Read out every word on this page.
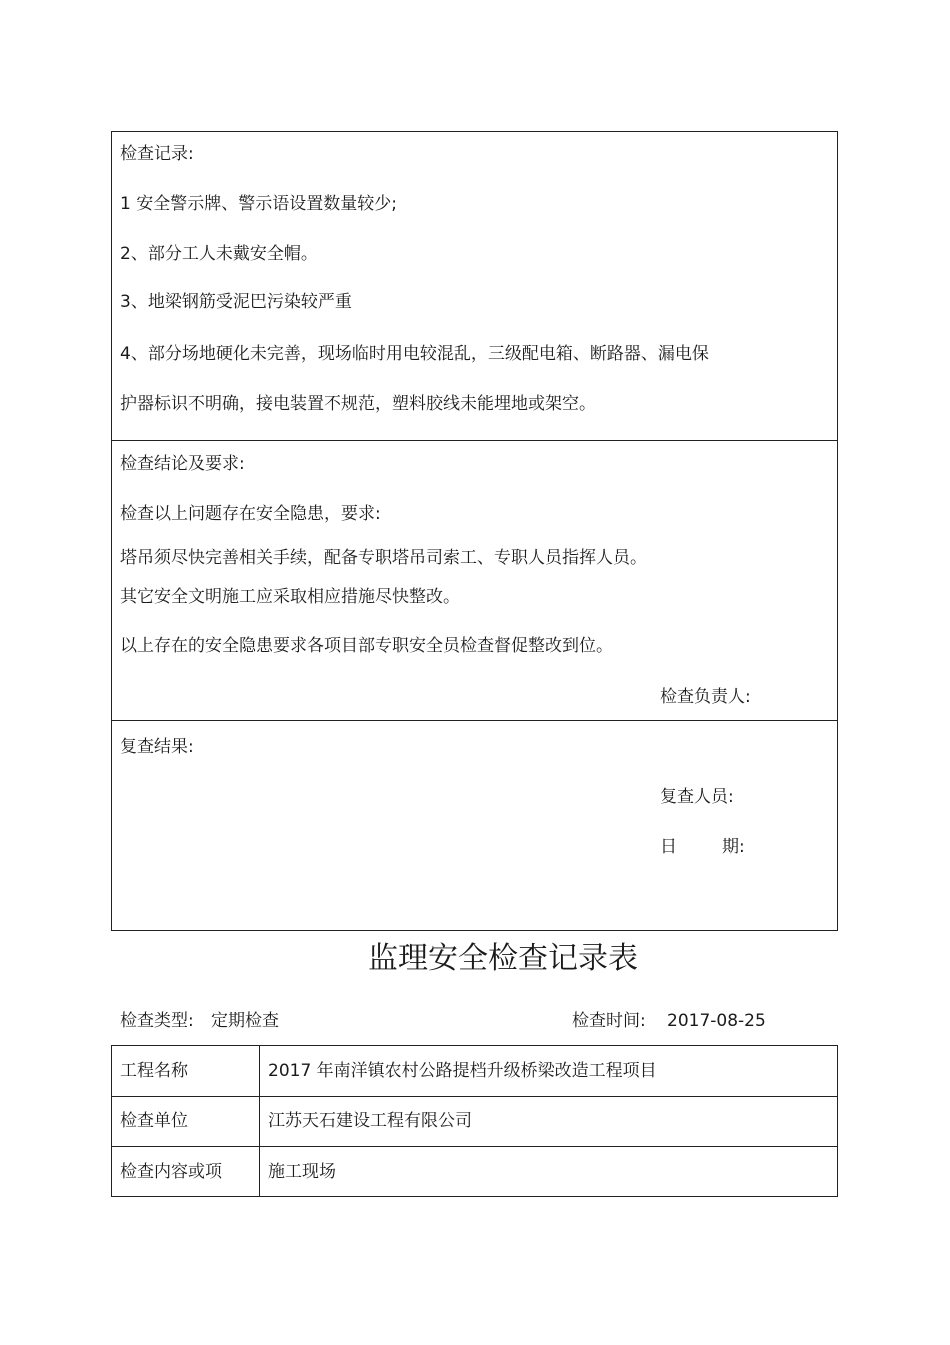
检查记录:
1 安全警示牌、警示语设置数量较少;
2、部分工人未戴安全帽。
3、地梁钢筋受泥巴污染较严重
4、部分场地硬化未完善，现场临时用电较混乱，三级配电箱、断路器、漏电保
护器标识不明确，接电装置不规范，塑料胶线未能埋地或架空。
检查结论及要求:
检查以上问题存在安全隐患，要求:
塔吊须尽快完善相关手续，配备专职塔吊司索工、专职人员指挥人员。
其它安全文明施工应采取相应措施尽快整改。
以上存在的安全隐患要求各项目部专职安全员检查督促整改到位。
检查负责人:
复查结果:
复查人员:
日	期:
监理安全检查记录表
检查类型: 定期检查	检查时间: 2017-08-25
工程名称	2017 年南洋镇农村公路提档升级桥梁改造工程项目
检查单位	江苏天石建设工程有限公司
检查内容或项	施工现场
